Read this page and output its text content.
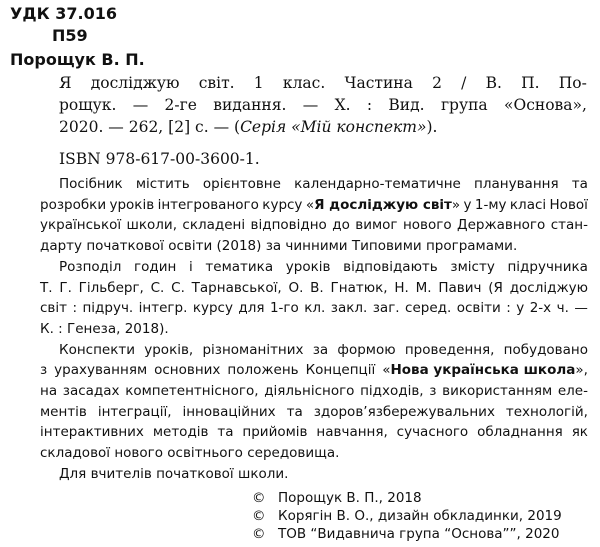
УДК 37.016
П59
Порощук В. П.
Я досліджую світ. 1 клас. Частина 2 / В. П. По-
рощук. — 2-ге видання. — Х. : Вид. група «Основа»,
2020. — 262, [2] с. — ( Серія «Мій конспект» ).
ISBN 978-617-00-3600-1.
Посібник містить орієнтовне календарно-тематичне планування та
розробки уроків інтегрованого курсу «Я досліджую світ» у 1-му класі Нової
української школи, складені відповідно до вимог нового Державного стан-
дарту початкової освіти (2018) за чинними Типовими програмами.
Розподіл годин і тематика уроків відповідають змісту підручника
Т. Г. Гільберг, С. С. Тарнавської, О. В. Гнатюк, Н. М. Павич (Я досліджую
світ : підруч. інтегр. курсу для 1-го кл. закл. заг. серед. освіти : у 2-х ч. —
К. : Генеза, 2018).
Конспекти уроків, різноманітних за формою проведення, побудовано
з урахуванням основних положень Концепції «Нова українська школа»,
на засадах компетентнісного, діяльнісного підходів, з використанням еле-
ментів інтеграції, інноваційних та здоров’язбережувальних технологій,
інтерактивних методів та прийомів навчання, сучасного обладнання як
складової нового освітнього середовища.
Для вчителів початкової школи.
© Порощук В. П., 2018
© Корягін В. О., дизайн обкладинки, 2019
© ТОВ “Видавнича група “Основа””, 2020
